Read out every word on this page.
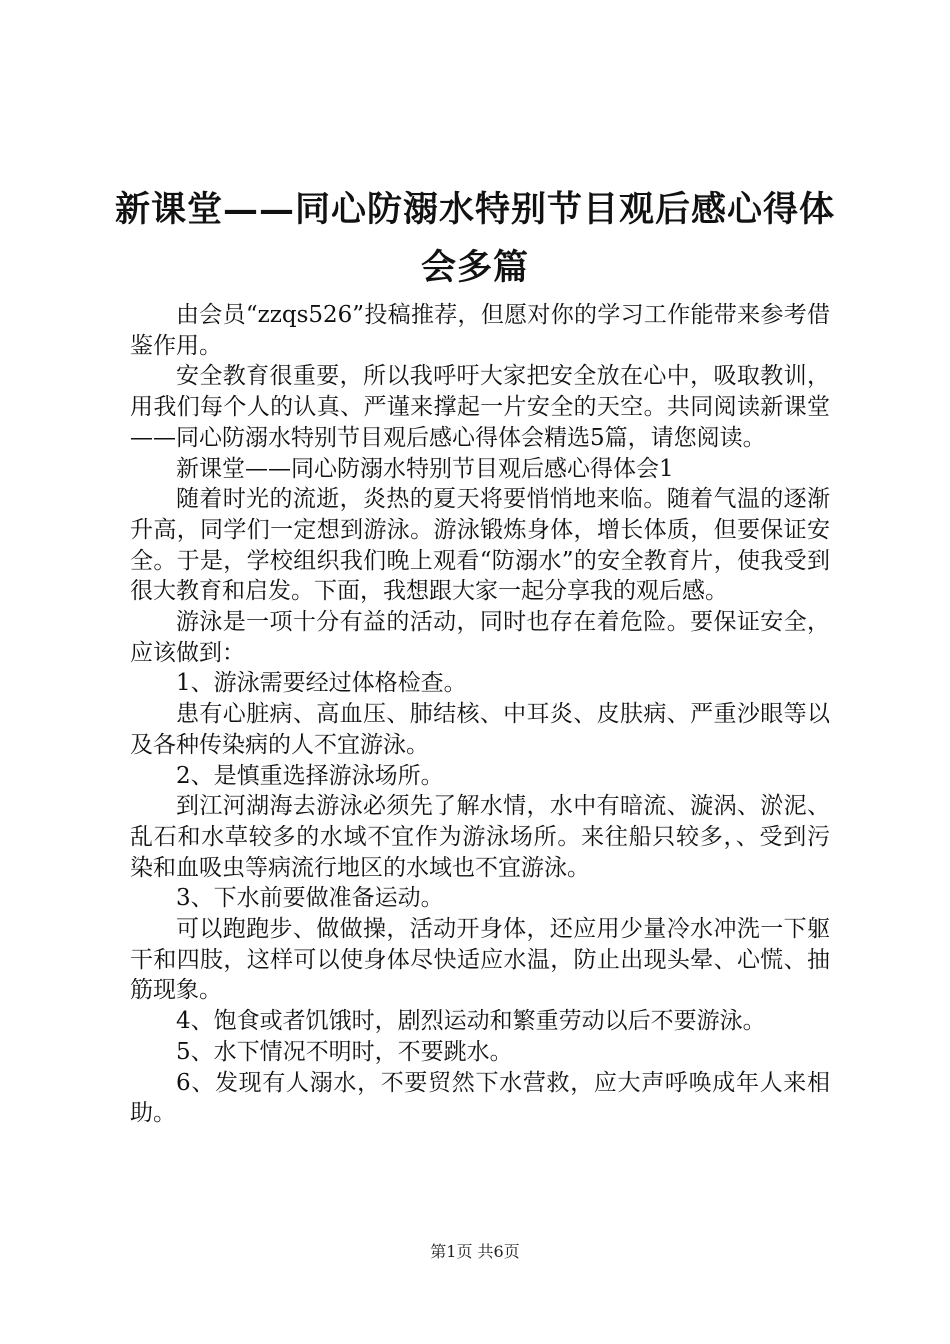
新课堂——同心防溺水特别节目观后感心得体
会多篇

由会员“zzqs526”投稿推荐，但愿对你的学习工作能带来参考借鉴作用。

安全教育很重要，所以我呼吁大家把安全放在心中，吸取教训，用我们每个人的认真、严谨来撑起一片安全的天空。共同阅读新课堂——同心防溺水特别节目观后感心得体会精选5篇，请您阅读。

新课堂——同心防溺水特别节目观后感心得体会1

随着时光的流逝，炎热的夏天将要悄悄地来临。随着气温的逐渐升高，同学们一定想到游泳。游泳锻炼身体，增长体质，但要保证安全。于是，学校组织我们晚上观看“防溺水”的安全教育片，使我受到很大教育和启发。下面，我想跟大家一起分享我的观后感。

游泳是一项十分有益的活动，同时也存在着危险。要保证安全，应该做到：

1、游泳需要经过体格检查。

患有心脏病、高血压、肺结核、中耳炎、皮肤病、严重沙眼等以及各种传染病的人不宜游泳。

2、是慎重选择游泳场所。

到江河湖海去游泳必须先了解水情，水中有暗流、漩涡、淤泥、乱石和水草较多的水域不宜作为游泳场所。来往船只较多，、受到污染和血吸虫等病流行地区的水域也不宜游泳。

3、下水前要做准备运动。

可以跑跑步、做做操，活动开身体，还应用少量冷水冲洗一下躯干和四肢，这样可以使身体尽快适应水温，防止出现头晕、心慌、抽筋现象。

4、饱食或者饥饿时，剧烈运动和繁重劳动以后不要游泳。

5、水下情况不明时，不要跳水。

6、发现有人溺水，不要贸然下水营救，应大声呼唤成年人来相助。

第1页 共6页
